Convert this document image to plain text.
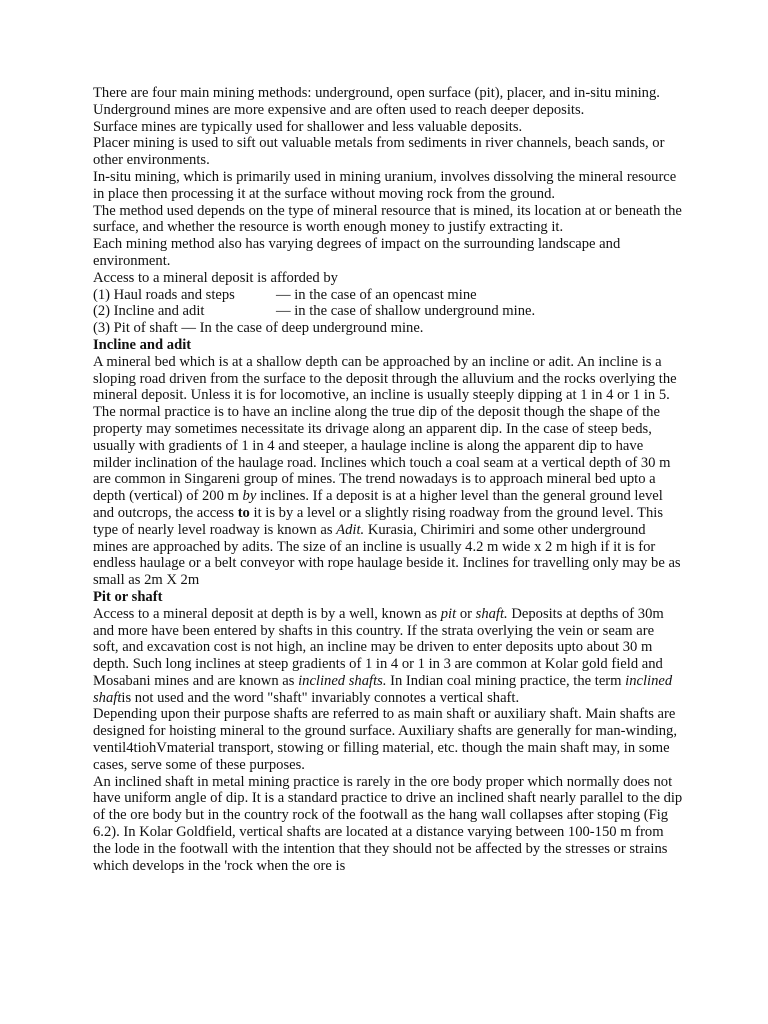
There are four main mining methods: underground, open surface (pit), placer, and in-situ mining.
Underground mines are more expensive and are often used to reach deeper deposits.
Surface mines are typically used for shallower and less valuable deposits.
Placer mining is used to sift out valuable metals from sediments in river channels, beach sands, or other environments.
In-situ mining, which is primarily used in mining uranium, involves dissolving the mineral resource in place then processing it at the surface without moving rock from the ground.
The method used depends on the type of mineral resource that is mined, its location at or beneath the surface, and whether the resource is worth enough money to justify extracting it.
Each mining method also has varying degrees of impact on the surrounding landscape and environment.
Access to a mineral deposit is afforded by
(1) Haul roads and steps	— in the case of an opencast mine
(2) Incline and adit	— in the case of shallow underground mine.
(3) Pit of shaft — In the case of deep underground mine.
Incline and adit
A mineral bed which is at a shallow depth can be approached by an incline or adit. An incline is a sloping road driven from the surface to the deposit through the alluvium and the rocks overlying the mineral deposit. Unless it is for locomotive, an incline is usually steeply dipping at 1 in 4 or 1 in 5. The normal practice is to have an incline along the true dip of the deposit though the shape of the property may sometimes necessitate its drivage along an apparent dip. In the case of steep beds, usually with gradients of 1 in 4 and steeper, a haulage incline is along the apparent dip to have milder inclination of the haulage road. Inclines which touch a coal seam at a vertical depth of 30 m are common in Singareni group of mines. The trend nowadays is to approach mineral bed upto a depth (vertical) of 200 m by inclines. If a deposit is at a higher level than the general ground level and outcrops, the access to it is by a level or a slightly rising roadway from the ground level. This type of nearly level roadway is known as Adit. Kurasia, Chirimiri and some other underground mines are approached by adits. The size of an incline is usually 4.2 m wide x 2 m high if it is for endless haulage or a belt conveyor with rope haulage beside it. Inclines for travelling only may be as small as 2m X 2m
Pit or shaft
Access to a mineral deposit at depth is by a well, known as pit or shaft. Deposits at depths of 30m and more have been entered by shafts in this country. If the strata overlying the vein or seam are soft, and excavation cost is not high, an incline may be driven to enter deposits upto about 30 m depth. Such long inclines at steep gradients of 1 in 4 or 1 in 3 are common at Kolar gold field and Mosabani mines and are known as inclined shafts. In Indian coal mining practice, the term inclined shaftis not used and the word "shaft" invariably connotes a vertical shaft.
Depending upon their purpose shafts are referred to as main shaft or auxiliary shaft. Main shafts are designed for hoisting mineral to the ground surface. Auxiliary shafts are generally for man-winding, ventil4tiohVmaterial transport, stowing or filling material, etc. though the main shaft may, in some cases, serve some of these purposes.
An inclined shaft in metal mining practice is rarely in the ore body proper which normally does not have uniform angle of dip. It is a standard practice to drive an inclined shaft nearly parallel to the dip of the ore body but in the country rock of the footwall as the hang wall collapses after stoping (Fig 6.2). In Kolar Goldfield, vertical shafts are located at a distance varying between 100-150 m from the lode in the footwall with the intention that they should not be affected by the stresses or strains which develops in the 'rock when the ore is
